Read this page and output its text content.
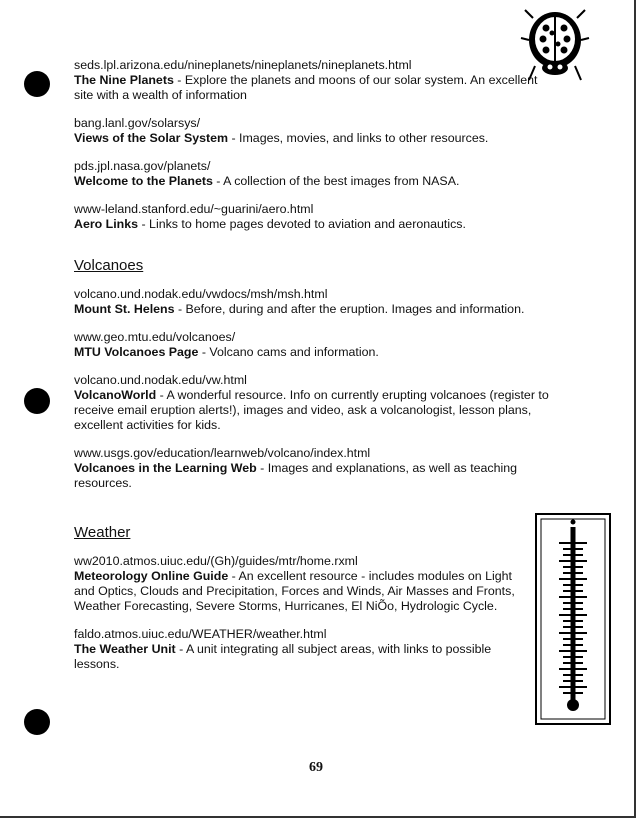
seds.lpl.arizona.edu/nineplanets/nineplanets/nineplanets.html
The Nine Planets - Explore the planets and moons of our solar system. An excellent site with a wealth of information
bang.lanl.gov/solarsys/
Views of the Solar System - Images, movies, and links to other resources.
pds.jpl.nasa.gov/planets/
Welcome to the Planets - A collection of the best images from NASA.
www-leland.stanford.edu/~guarini/aero.html
Aero Links - Links to home pages devoted to aviation and aeronautics.
Volcanoes
volcano.und.nodak.edu/vwdocs/msh/msh.html
Mount St. Helens - Before, during and after the eruption. Images and information.
www.geo.mtu.edu/volcanoes/
MTU Volcanoes Page - Volcano cams and information.
volcano.und.nodak.edu/vw.html
VolcanoWorld - A wonderful resource. Info on currently erupting volcanoes (register to receive email eruption alerts!), images and video, ask a volcanologist, lesson plans, excellent activities for kids.
www.usgs.gov/education/learnweb/volcano/index.html
Volcanoes in the Learning Web - Images and explanations, as well as teaching resources.
Weather
ww2010.atmos.uiuc.edu/(Gh)/guides/mtr/home.rxml
Meteorology Online Guide - An excellent resource - includes modules on Light and Optics, Clouds and Precipitation, Forces and Winds, Air Masses and Fronts, Weather Forecasting, Severe Storms, Hurricanes, El NiÕo, Hydrologic Cycle.
faldo.atmos.uiuc.edu/WEATHER/weather.html
The Weather Unit - A unit integrating all subject areas, with links to possible lessons.
69
